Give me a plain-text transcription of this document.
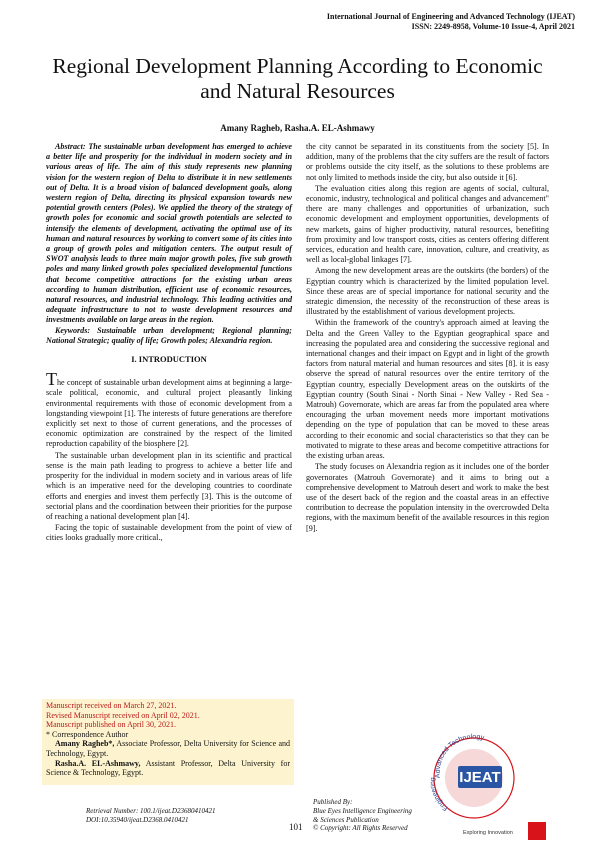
International Journal of Engineering and Advanced Technology (IJEAT)
ISSN: 2249-8958, Volume-10 Issue-4, April 2021
Regional Development Planning According to Economic and Natural Resources
Amany Ragheb, Rasha.A. EL-Ashmawy

Abstract: The sustainable urban development has emerged to achieve a better life and prosperity for the individual in modern society and in various areas of life. The aim of this study represents new planning vision for the western region of Delta to distribute it in new settlements out of Delta. It is a broad vision of balanced development goals, along western region of Delta, directing its physical expansion towards new potential growth centers (Poles). We applied the theory of the strategy of growth poles for economic and social growth potentials are selected to intensify the elements of development, activating the optimal use of its human and natural resources by working to convert some of its cities into a group of growth poles and mitigation centers. The output result of SWOT analysis leads to three main major growth poles, five sub growth poles and many linked growth poles specialized developmental functions that become competitive attractions for the existing urban areas according to human distribution, efficient use of economic resources, natural resources, and industrial technology. This leading activities and adequate infrastructure to not to waste development resources and investments available on large areas in the region.

Keywords: Sustainable urban development; Regional planning; National Strategic; quality of life; Growth poles; Alexandria region.

I. INTRODUCTION

The concept of sustainable urban development aims at beginning a large-scale political, economic, and cultural project pleasantly linking environmental requirements with those of economic development from a longstanding viewpoint [1]. The interests of future generations are therefore explicitly set next to those of current generations, and the processes of economic optimization are constrained by the respect of the limited reproduction capability of the biosphere [2].

The sustainable urban development plan in its scientific and practical sense is the main path leading to progress to achieve a better life and prosperity for the individual in modern society and in various areas of life which is an imperative need for the developing countries to coordinate efforts and energies and invest them perfectly [3]. This is the outcome of sectorial plans and the coordination between their priorities for the purpose of reaching a national development plan [4].

Facing the topic of sustainable development from the point of view of cities looks gradually more critical.,

the city cannot be separated in its constituents from the society [5]. In addition, many of the problems that the city suffers are the result of factors or problems outside the city itself, as the solutions to these problems are not only limited to methods inside the city, but also outside it [6].

The evaluation cities along this region are agents of social, cultural, economic, industry, technological and political changes and advancement" there are many challenges and opportunities of urbanization, such economic development and employment opportunities, developments of new markets, gains of higher productivity, natural resources, benefiting from proximity and low transport costs, cities as centers offering different services, education and health care, innovation, culture, and creativity, as well as local-global linkages [7].

Among the new development areas are the outskirts (the borders) of the Egyptian country which is characterized by the limited population level. Since these areas are of special importance for national security and the strategic dimension, the necessity of the reconstruction of these areas is illustrated by the establishment of various development projects.

Within the framework of the country's approach aimed at leaving the Delta and the Green Valley to the Egyptian geographical space and increasing the populated area and considering the successive regional and international changes and their impact on Egypt and in light of the growth factors from natural material and human resources and sites [8]. it is easy observe the spread of natural resources over the entire territory of the Egyptian country, especially Development areas on the outskirts of the Egyptian country (South Sinai - North Sinai - New Valley - Red Sea - Matrouh) Governorate, which are areas far from the populated area where encouraging the urban movement needs more important motivations depending on the type of population that can be moved to these areas according to their economic and social characteristics so that they can be motivated to migrate to these areas and become competitive attractions for the existing urban areas.

The study focuses on Alexandria region as it includes one of the border governorates (Matrouh Governorate) and it aims to bring out a comprehensive development to Matrouh desert and work to make the best use of the desert back of the region and the coastal areas in an effective contribution to decrease the population intensity in the overcrowded Delta regions, with the maximum benefit of the available resources in this region [9].

Manuscript received on March 27, 2021.
Revised Manuscript received on April 02, 2021.
Manuscript published on April 30, 2021.
* Correspondence Author
Amany Ragheb*, Associate Professor, Delta University for Science and Technology, Egypt.
Rasha.A. EL-Ashmawy, Assistant Professor, Delta University for Science & Technology, Egypt.
Retrieval Number: 100.1/ijeat.D23680410421
DOI:10.35940/ijeat.D2368.0410421
101
Published By:
Blue Eyes Intelligence Engineering
& Sciences Publication
© Copyright: All Rights Reserved
Advanced Technology
Engineering	IJEAT
Exploring Innovation
